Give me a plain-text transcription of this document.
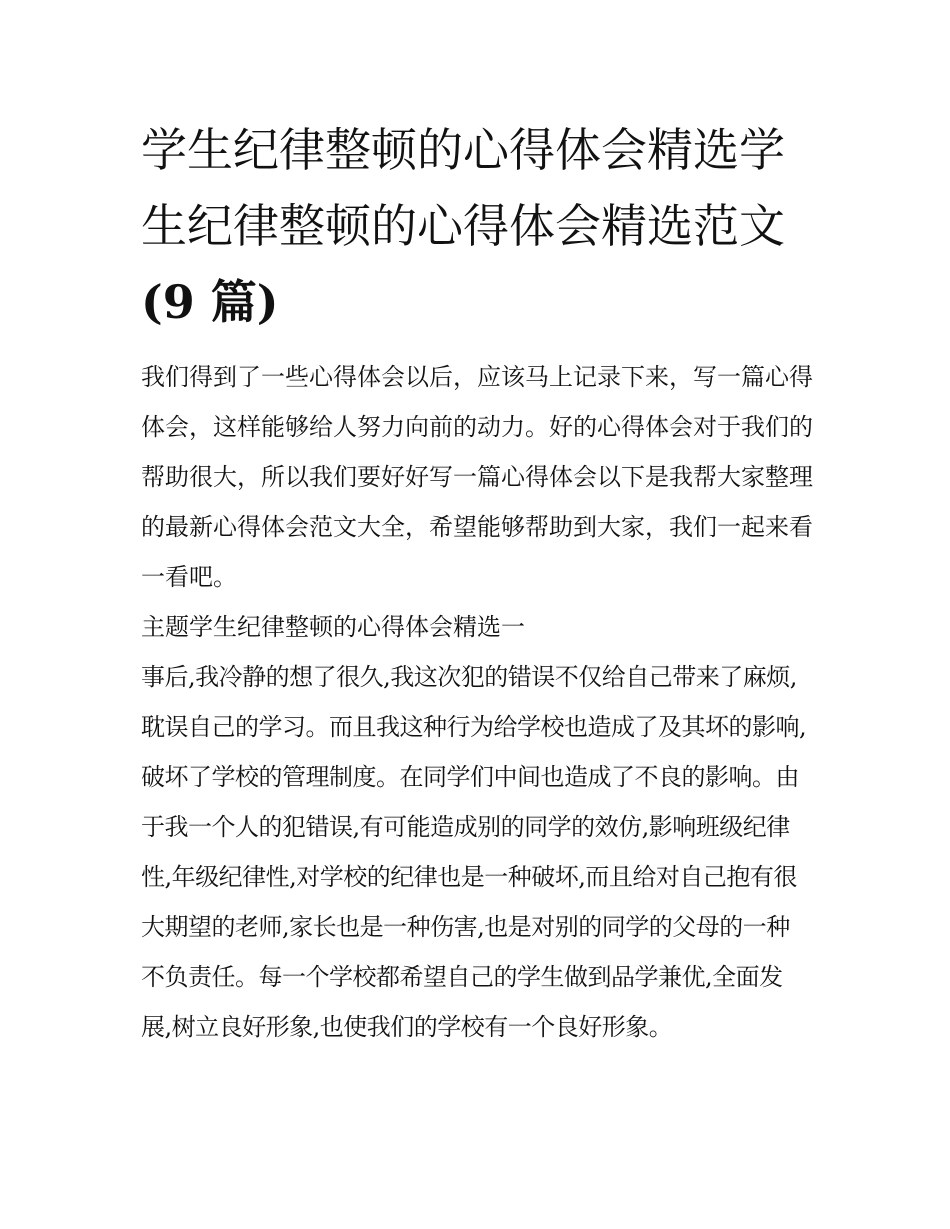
学生纪律整顿的心得体会精选学生纪律整顿的心得体会精选范文(9 篇)

我们得到了一些心得体会以后，应该马上记录下来，写一篇心得体会，这样能够给人努力向前的动力。好的心得体会对于我们的帮助很大，所以我们要好好写一篇心得体会以下是我帮大家整理的最新心得体会范文大全，希望能够帮助到大家，我们一起来看一看吧。

主题学生纪律整顿的心得体会精选一

事后,我冷静的想了很久,我这次犯的错误不仅给自己带来了麻烦,耽误自己的学习。而且我这种行为给学校也造成了及其坏的影响,破坏了学校的管理制度。在同学们中间也造成了不良的影响。由于我一个人的犯错误,有可能造成别的同学的效仿,影响班级纪律性,年级纪律性,对学校的纪律也是一种破坏,而且给对自己抱有很大期望的老师,家长也是一种伤害,也是对别的同学的父母的一种不负责任。每一个学校都希望自己的学生做到品学兼优,全面发展,树立良好形象,也使我们的学校有一个良好形象。
